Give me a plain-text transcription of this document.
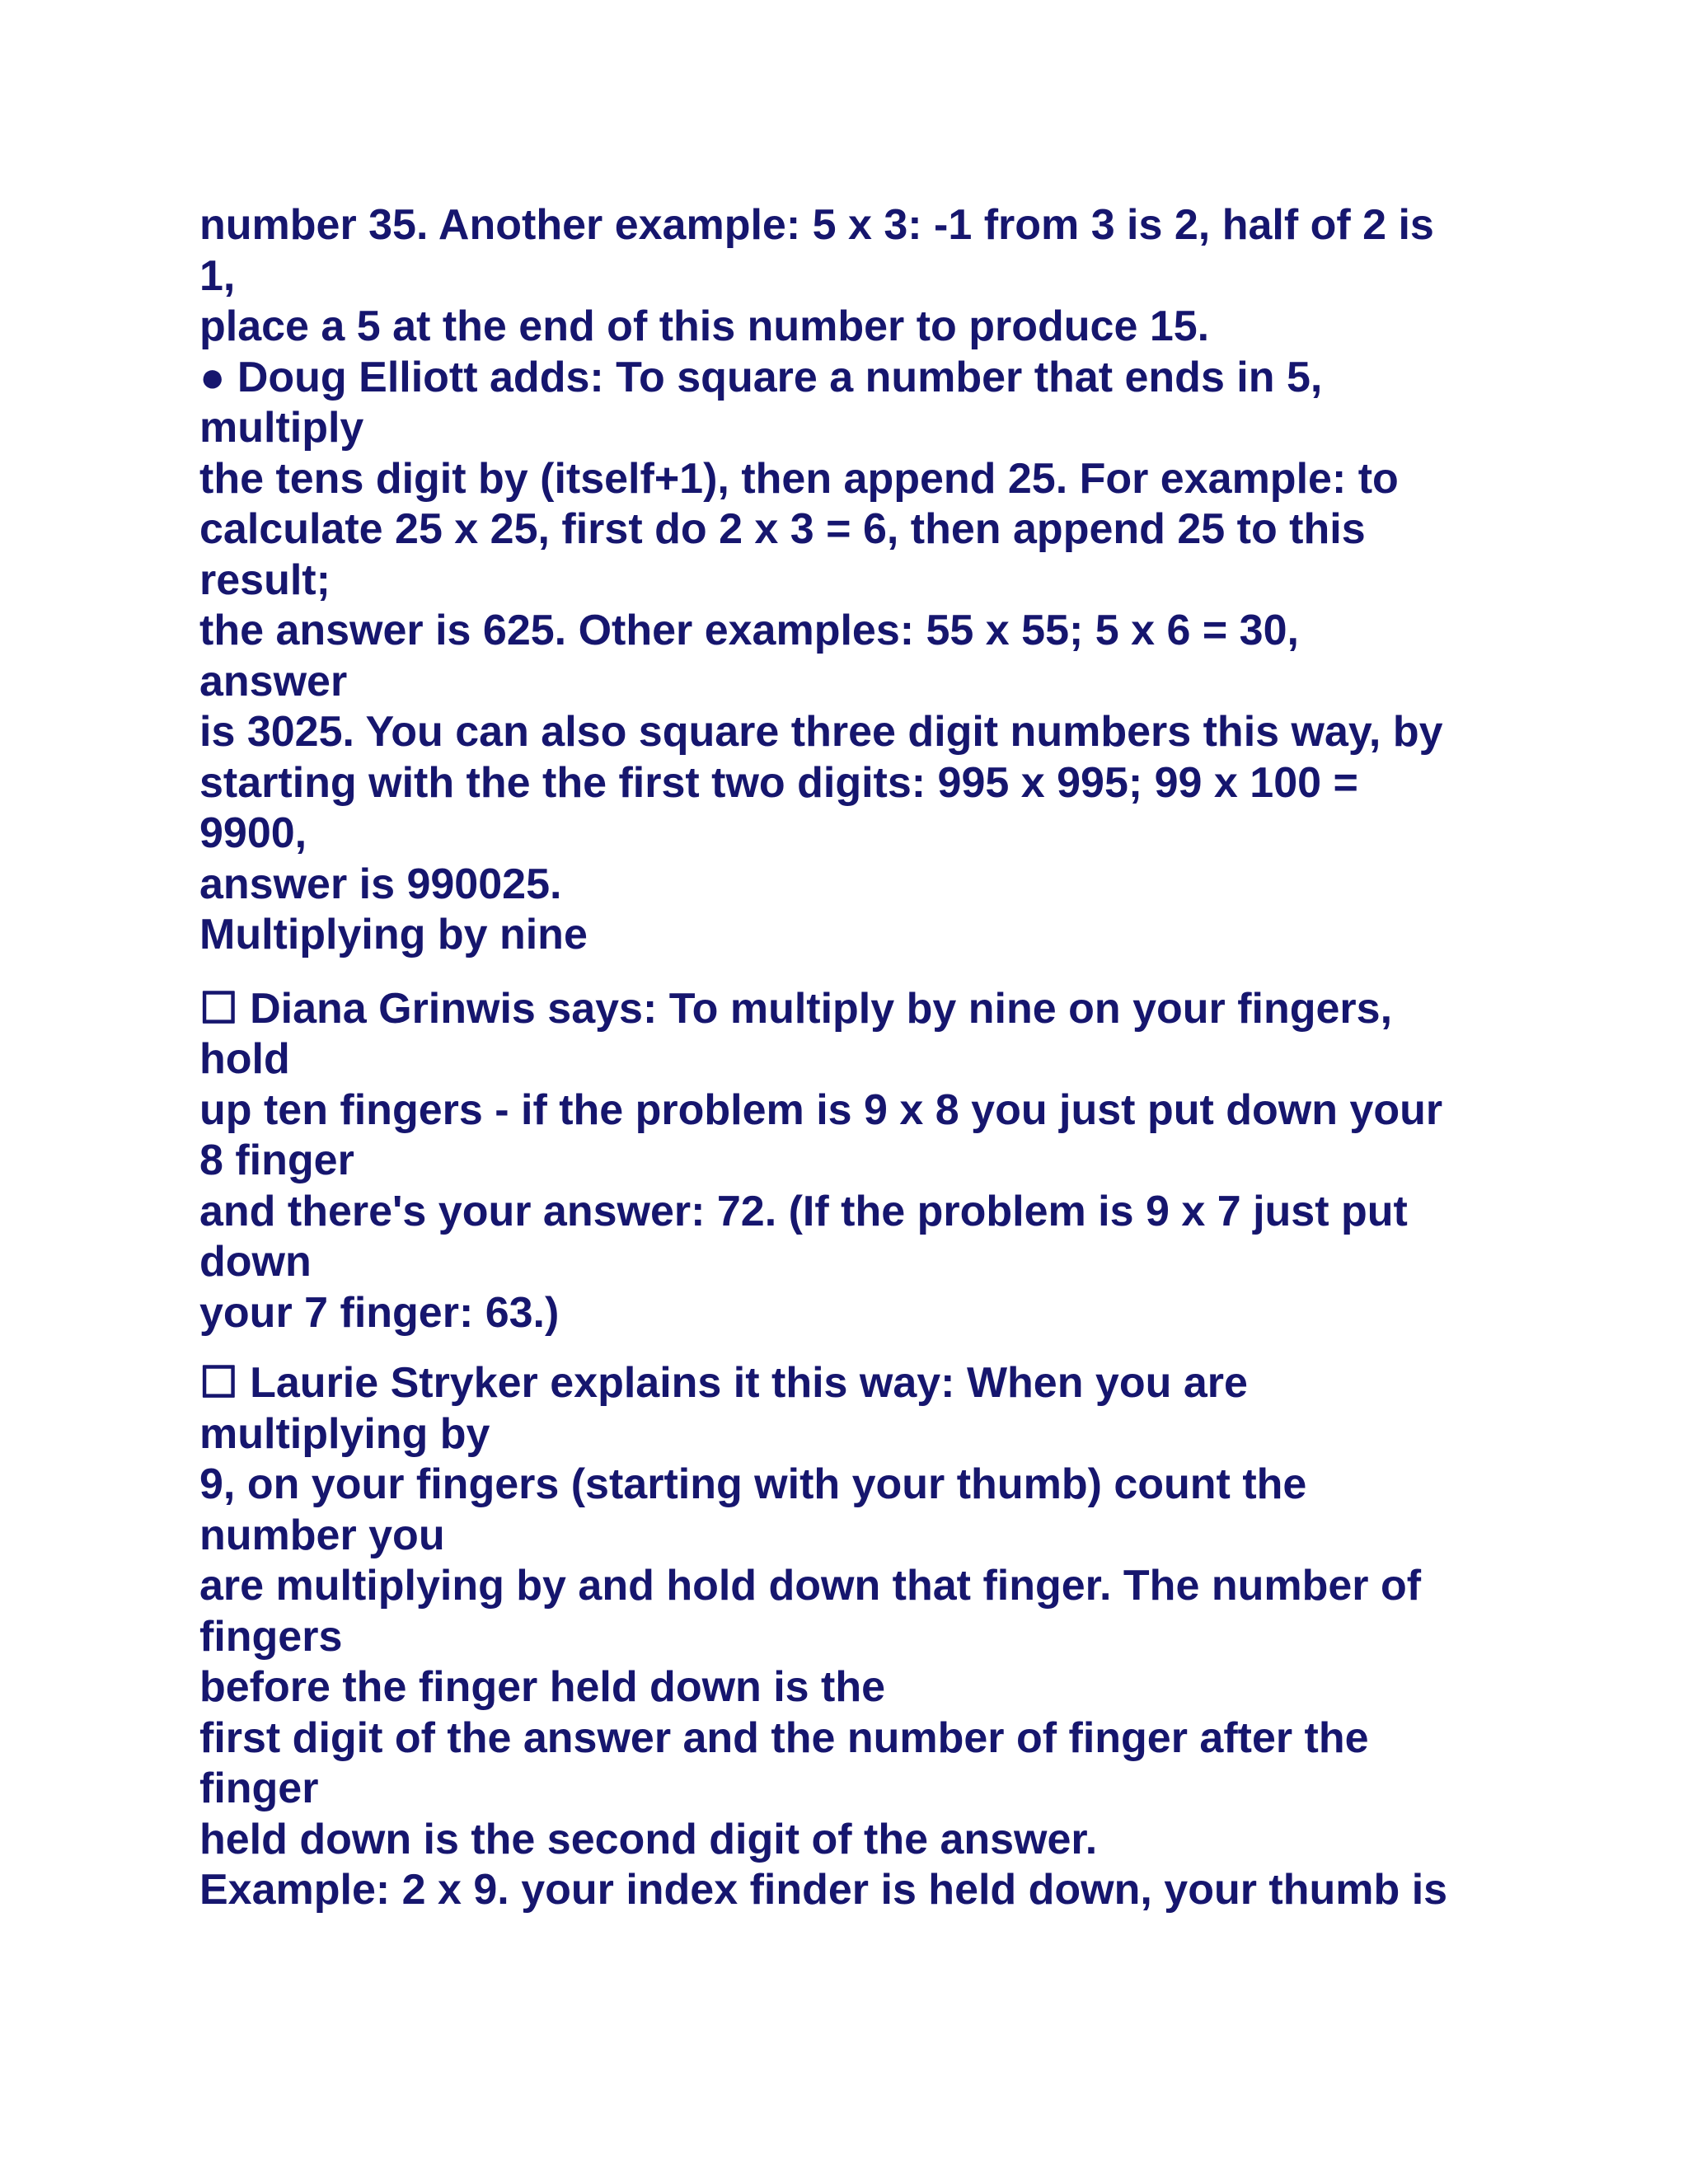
number 35. Another example: 5 x 3: -1 from 3 is 2, half of 2 is
1,
place a 5 at the end of this number to produce 15.
● Doug Elliott adds: To square a number that ends in 5,
multiply
the tens digit by (itself+1), then append 25. For example: to
calculate 25 x 25, first do 2 x 3 = 6, then append 25 to this
result;
the answer is 625. Other examples: 55 x 55; 5 x 6 = 30,
answer
is 3025. You can also square three digit numbers this way, by
starting with the the first two digits: 995 x 995; 99 x 100 =
9900,
answer is 990025.
Multiplying by nine
☐ Diana Grinwis says: To multiply by nine on your fingers,
hold
up ten fingers - if the problem is 9 x 8 you just put down your
8 finger
and there's your answer: 72. (If the problem is 9 x 7 just put
down
your 7 finger: 63.)
☐ Laurie Stryker explains it this way: When you are
multiplying by
9, on your fingers (starting with your thumb) count the
number you
are multiplying by and hold down that finger. The number of
fingers
before the finger held down is the
first digit of the answer and the number of finger after the
finger
held down is the second digit of the answer.
Example: 2 x 9. your index finder is held down, your thumb is
